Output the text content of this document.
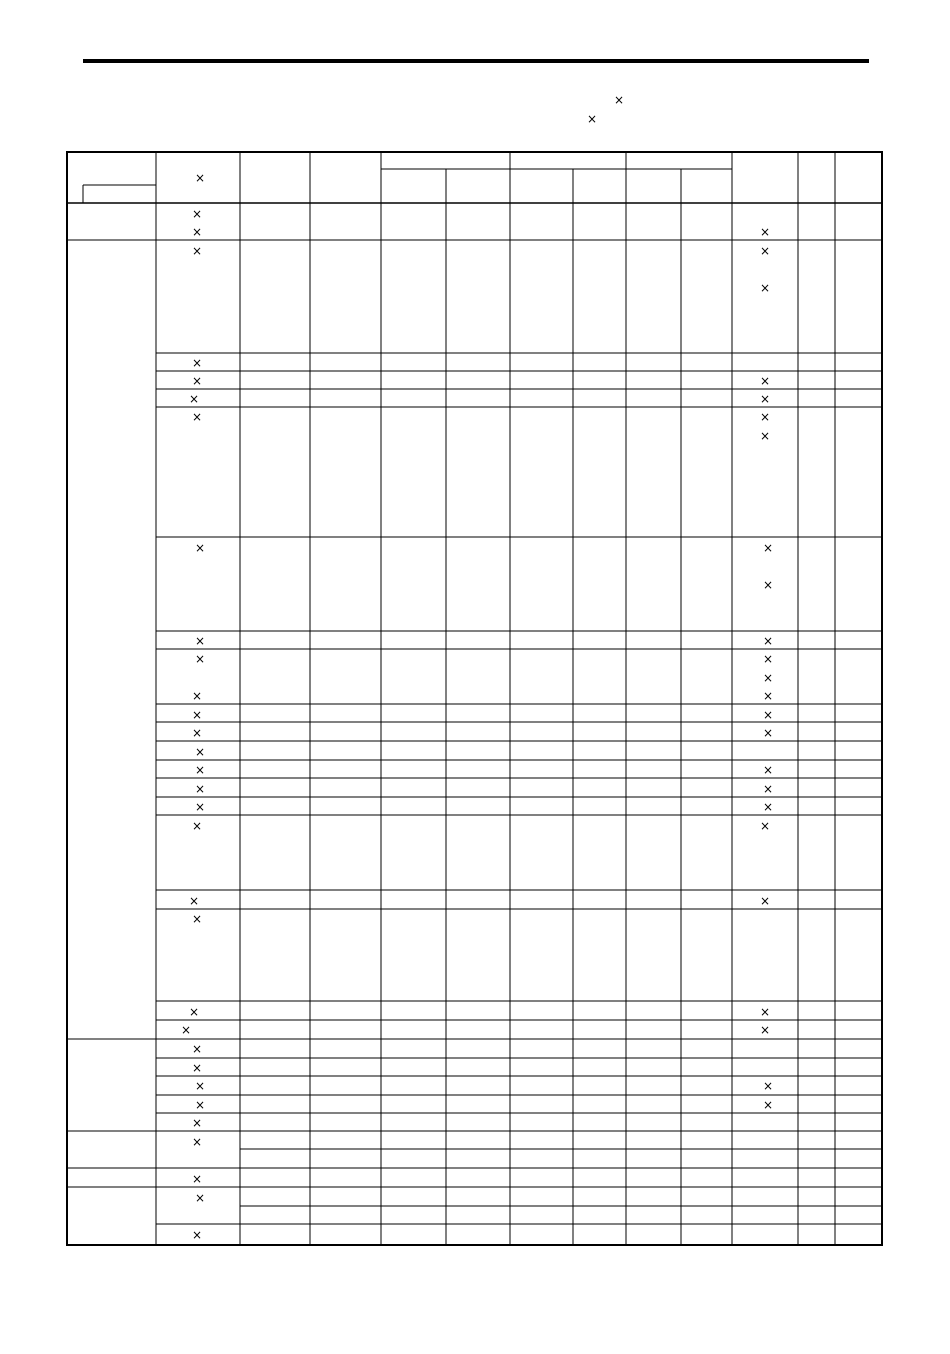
×
×
×
×
×
×
×
×
×
×
×
×
×
×
×
×
×
×
×
×
×
×
×
×
×
×
×
×
×
×
×
×
×
×
×
×
×
×
×
×
×
×
×
×
×
×
×
×
×
×
×
×
×
×
×
×
×
×
